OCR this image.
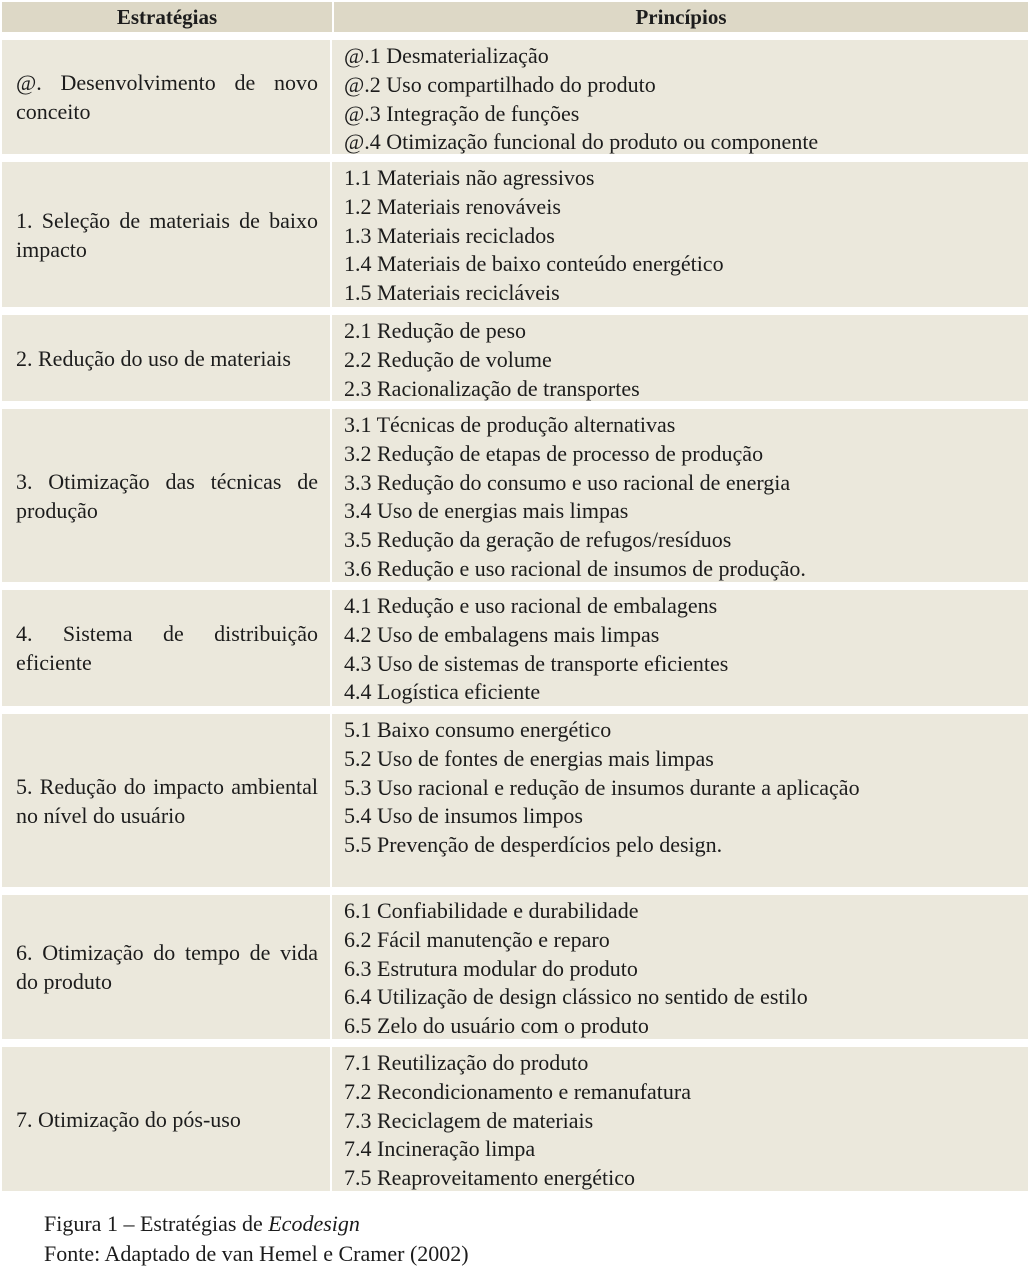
Estratégias	Princípios
@. Desenvolvimento de novo conceito
@.1 Desmaterialização
@.2 Uso compartilhado do produto
@.3 Integração de funções
@.4 Otimização funcional do produto ou componente
1. Seleção de materiais de baixo impacto
1.1 Materiais não agressivos
1.2 Materiais renováveis
1.3 Materiais reciclados
1.4 Materiais de baixo conteúdo energético
1.5 Materiais recicláveis
2. Redução do uso de materiais
2.1 Redução de peso
2.2 Redução de volume
2.3 Racionalização de transportes
3. Otimização das técnicas de produção
3.1 Técnicas de produção alternativas
3.2 Redução de etapas de processo de produção
3.3 Redução do consumo e uso racional de energia
3.4 Uso de energias mais limpas
3.5 Redução da geração de refugos/resíduos
3.6 Redução e uso racional de insumos de produção.
4. Sistema de distribuição eficiente
4.1 Redução e uso racional de embalagens
4.2 Uso de embalagens mais limpas
4.3 Uso de sistemas de transporte eficientes
4.4 Logística eficiente
5. Redução do impacto ambiental no nível do usuário
5.1 Baixo consumo energético
5.2 Uso de fontes de energias mais limpas
5.3 Uso racional e redução de insumos durante a aplicação
5.4 Uso de insumos limpos
5.5 Prevenção de desperdícios pelo design.
6. Otimização do tempo de vida do produto
6.1 Confiabilidade e durabilidade
6.2 Fácil manutenção e reparo
6.3 Estrutura modular do produto
6.4 Utilização de design clássico no sentido de estilo
6.5 Zelo do usuário com o produto
7. Otimização do pós-uso
7.1 Reutilização do produto
7.2 Recondicionamento e remanufatura
7.3 Reciclagem de materiais
7.4 Incineração limpa
7.5 Reaproveitamento energético
Figura 1 – Estratégias de Ecodesign
Fonte: Adaptado de van Hemel e Cramer (2002)
